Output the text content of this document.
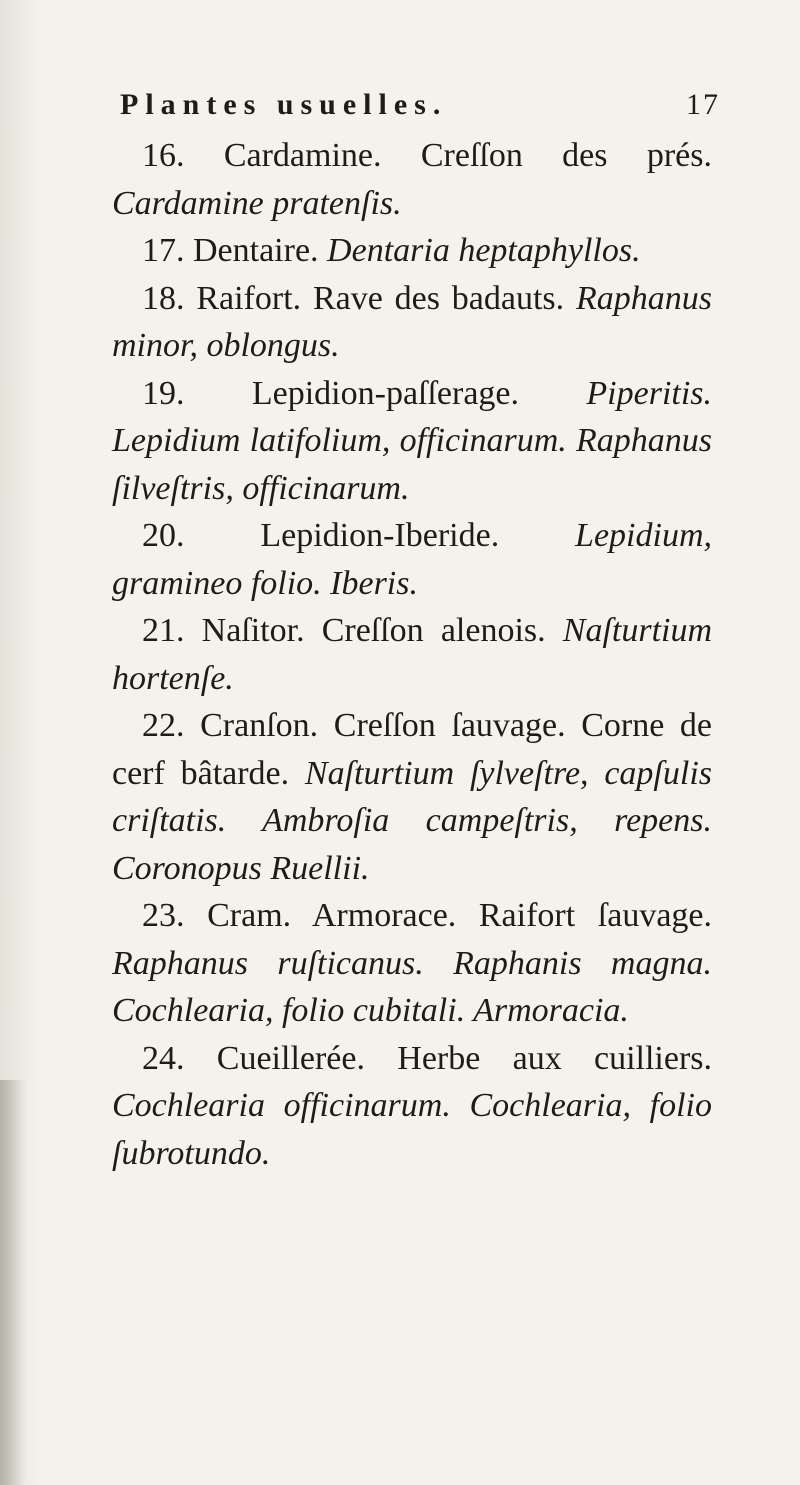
Plantes usuelles.	17

16. Cardamine. Creſſon des prés. Cardamine pratenſis.

17. Dentaire. Dentaria heptaphyllos.

18. Raifort. Rave des badauts. Raphanus minor, oblongus.

19. Lepidion-paſſerage. Piperitis. Lepidium latifolium, officinarum. Raphanus ſilveſtris, officinarum.

20. Lepidion-Iberide. Lepidium, gramineo folio. Iberis.

21. Naſitor. Creſſon alenois. Naſturtium hortenſe.

22. Cranſon. Creſſon ſauvage. Corne de cerf bâtarde. Naſturtium ſylveſtre, capſulis criſtatis. Ambroſia campeſtris, repens. Coronopus Ruellii.

23. Cram. Armorace. Raifort ſauvage. Raphanus ruſticanus. Raphanis magna. Cochlearia, folio cubitali. Armoracia.

24. Cueillerée. Herbe aux cuilliers. Cochlearia officinarum. Cochlearia, folio ſubrotundo.
